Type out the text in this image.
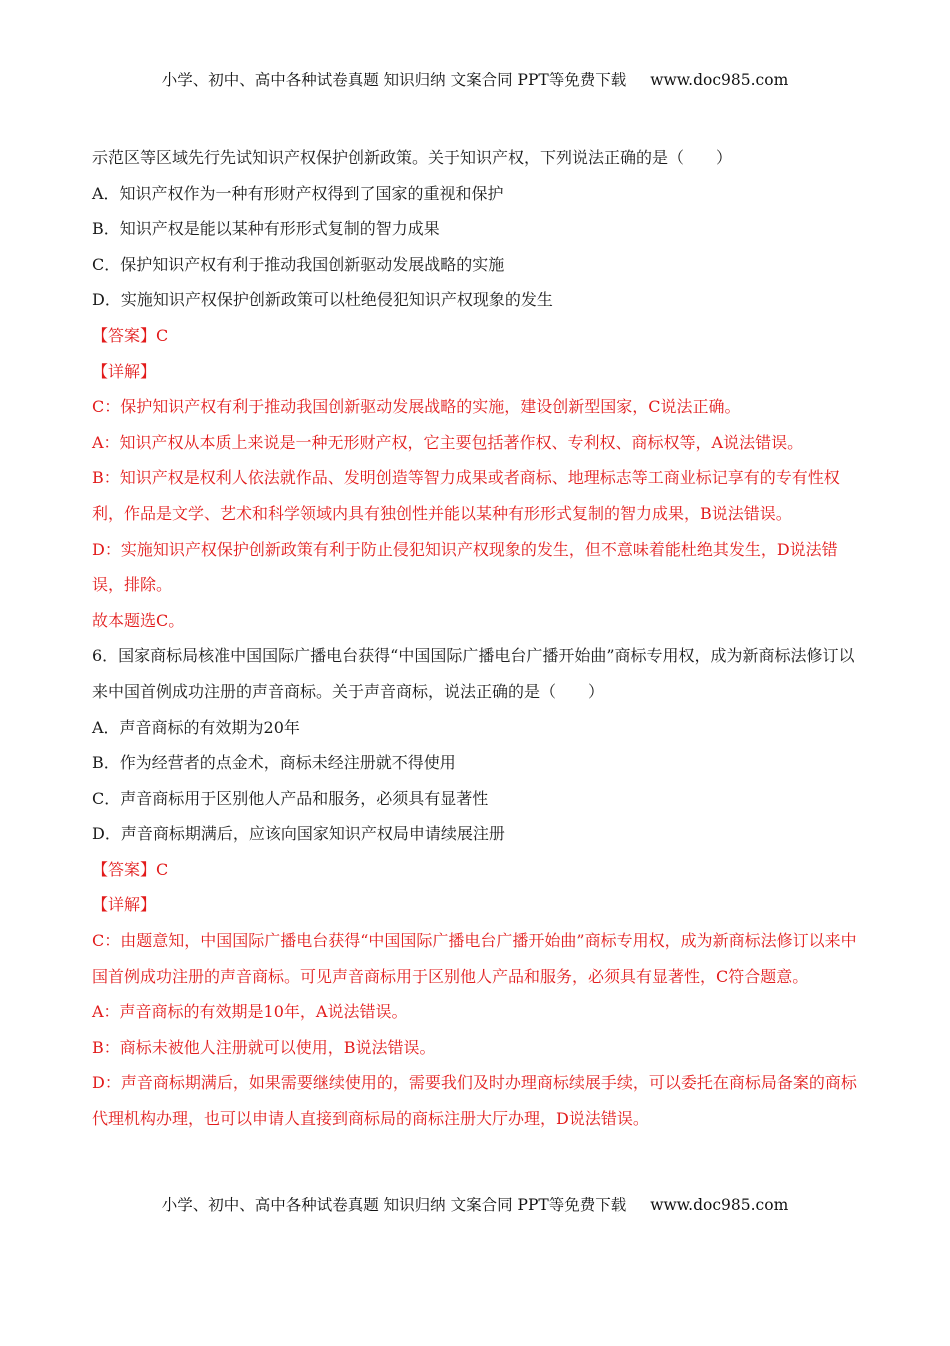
小学、初中、高中各种试卷真题 知识归纳 文案合同 PPT等免费下载 www.doc985.com

示范区等区域先行先试知识产权保护创新政策。关于知识产权，下列说法正确的是（　　）

A．知识产权作为一种有形财产权得到了国家的重视和保护

B．知识产权是能以某种有形形式复制的智力成果

C．保护知识产权有利于推动我国创新驱动发展战略的实施

D．实施知识产权保护创新政策可以杜绝侵犯知识产权现象的发生

【答案】C

【详解】

C：保护知识产权有利于推动我国创新驱动发展战略的实施，建设创新型国家，C说法正确。

A：知识产权从本质上来说是一种无形财产权，它主要包括著作权、专利权、商标权等，A说法错误。

B：知识产权是权利人依法就作品、发明创造等智力成果或者商标、地理标志等工商业标记享有的专有性权利，作品是文学、艺术和科学领域内具有独创性并能以某种有形形式复制的智力成果，B说法错误。

D：实施知识产权保护创新政策有利于防止侵犯知识产权现象的发生，但不意味着能杜绝其发生，D说法错误，排除。

故本题选C。

6．国家商标局核准中国国际广播电台获得“中国国际广播电台广播开始曲”商标专用权，成为新商标法修订以来中国首例成功注册的声音商标。关于声音商标，说法正确的是（　　）

A．声音商标的有效期为20年

B．作为经营者的点金术，商标未经注册就不得使用

C．声音商标用于区别他人产品和服务，必须具有显著性

D．声音商标期满后，应该向国家知识产权局申请续展注册

【答案】C

【详解】

C：由题意知，中国国际广播电台获得“中国国际广播电台广播开始曲”商标专用权，成为新商标法修订以来中国首例成功注册的声音商标。可见声音商标用于区别他人产品和服务，必须具有显著性，C符合题意。

A：声音商标的有效期是10年，A说法错误。

B：商标未被他人注册就可以使用，B说法错误。

D：声音商标期满后，如果需要继续使用的，需要我们及时办理商标续展手续，可以委托在商标局备案的商标代理机构办理，也可以申请人直接到商标局的商标注册大厅办理，D说法错误。

小学、初中、高中各种试卷真题 知识归纳 文案合同 PPT等免费下载 www.doc985.com
